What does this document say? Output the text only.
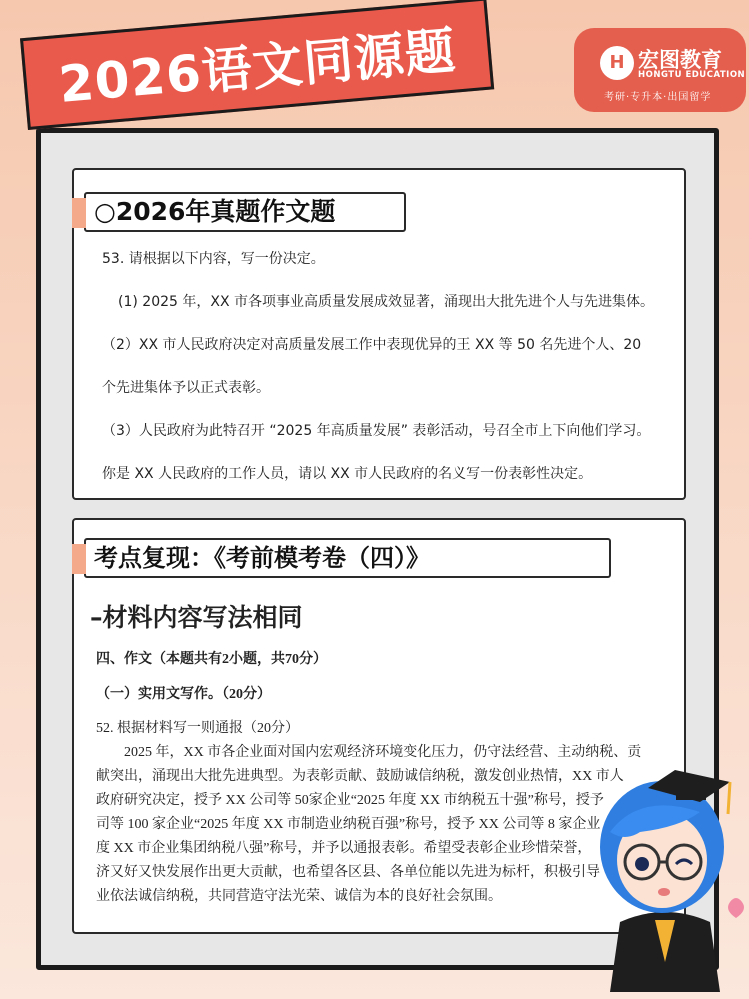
2026语文同源题	H 宏图教育
HONGTU EDUCATION
考研·专升本·出国留学
○2026年真题作文题
53. 请根据以下内容，写一份决定。
(1) 2025 年，XX 市各项事业高质量发展成效显著，涌现出大批先进个人与先进集体。
（2）XX 市人民政府决定对高质量发展工作中表现优异的王 XX 等 50 名先进个人、20
个先进集体予以正式表彰。
（3）人民政府为此特召开 “2025 年高质量发展” 表彰活动，号召全市上下向他们学习。
你是 XX 人民政府的工作人员，请以 XX 市人民政府的名义写一份表彰性决定。
考点复现：《考前模考卷（四）》
–材料内容写法相同
四、作文（本题共有2小题，共70分）
（一）实用文写作。（20分）
52. 根据材料写一则通报（20分）
2025 年，XX 市各企业面对国内宏观经济环境变化压力，仍守法经营、主动纳税、贡
献突出，涌现出大批先进典型。为表彰贡献、鼓励诚信纳税，激发创业热情，XX 市人
政府研究决定，授予 XX 公司等 50家企业“2025 年度 XX 市纳税五十强”称号，授予
司等 100 家企业“2025 年度 XX 市制造业纳税百强”称号，授予 XX 公司等 8 家企业
度 XX 市企业集团纳税八强”称号，并予以通报表彰。希望受表彰企业珍惜荣誉，
济又好又快发展作出更大贡献，也希望各区县、各单位能以先进为标杆，积极引导
业依法诚信纳税，共同营造守法光荣、诚信为本的良好社会氛围。
